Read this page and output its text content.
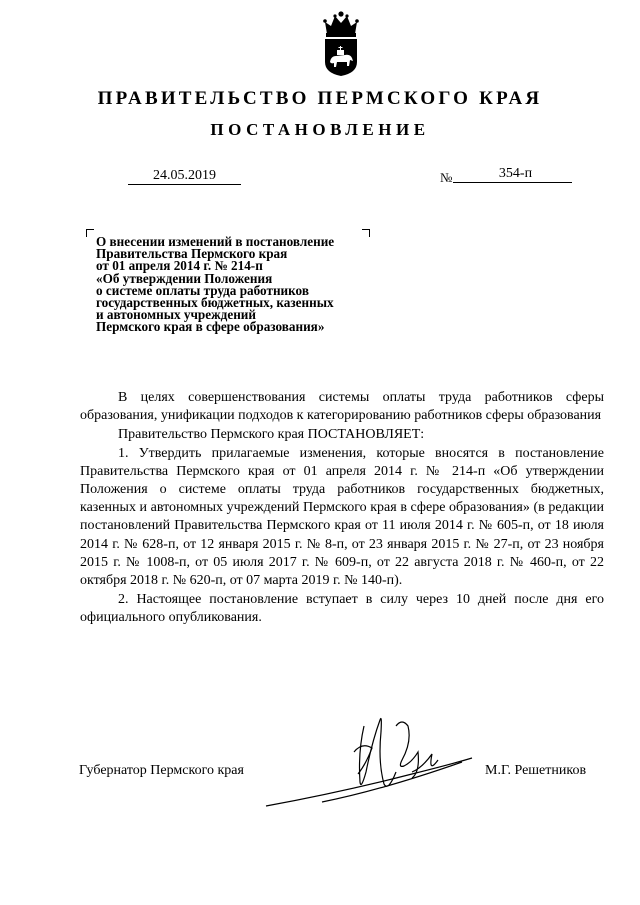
ПРАВИТЕЛЬСТВО ПЕРМСКОГО КРАЯ
ПОСТАНОВЛЕНИЕ
24.05.2019	№	354-п
О внесении изменений в постановление
Правительства Пермского края
от 01 апреля 2014 г. № 214-п
«Об утверждении Положения
о системе оплаты труда работников
государственных бюджетных, казенных
и автономных учреждений
Пермского края в сфере образования»

В целях совершенствования системы оплаты труда работников сферы образования, унификации подходов к категорированию работников сферы образования

Правительство Пермского края ПОСТАНОВЛЯЕТ:

1. Утвердить прилагаемые изменения, которые вносятся в постановление Правительства Пермского края от 01 апреля 2014 г. № 214-п «Об утверждении Положения о системе оплаты труда работников государственных бюджетных, казенных и автономных учреждений Пермского края в сфере образования» (в редакции постановлений Правительства Пермского края от 11 июля 2014 г. № 605-п, от 18 июля 2014 г. № 628-п, от 12 января 2015 г. № 8-п, от 23 января 2015 г. № 27-п, от 23 ноября 2015 г. № 1008-п, от 05 июля 2017 г. № 609-п, от 22 августа 2018 г. № 460-п, от 22 октября 2018 г. № 620-п, от 07 марта 2019 г. № 140-п).

2. Настоящее постановление вступает в силу через 10 дней после дня его официального опубликования.

Губернатор Пермского края	М.Г. Решетников
